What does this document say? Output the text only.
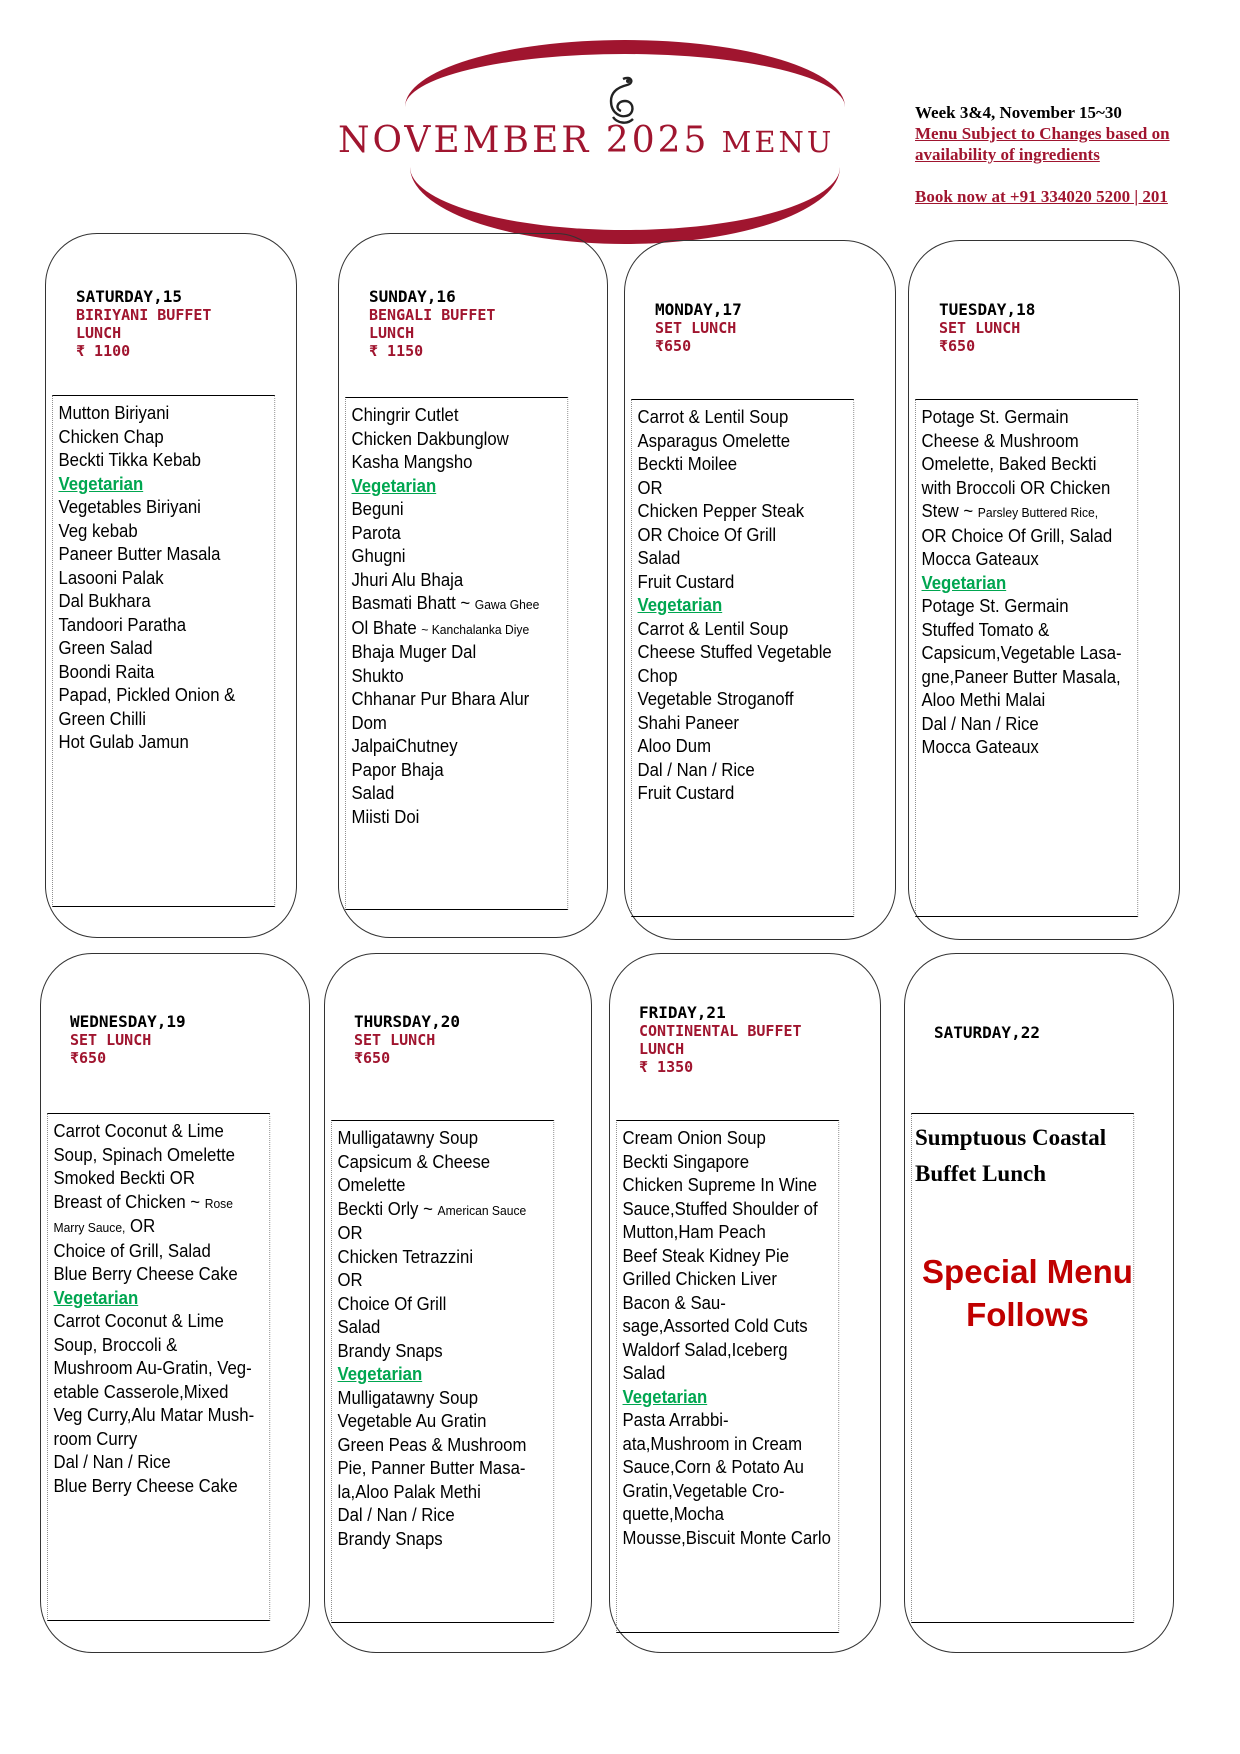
NOVEMBER 2025 MENU
Week 3&4, November 15~30
Menu Subject to Changes based on
availability of ingredients
Book now at +91 334020 5200 | 201
SATURDAY,15
BIRIYANI BUFFET
LUNCH
₹ 1100
Mutton Biriyani
Chicken Chap
Beckti Tikka Kebab
Vegetarian
Vegetables Biriyani
Veg kebab
Paneer Butter Masala
Lasooni Palak
Dal Bukhara
Tandoori Paratha
Green Salad
Boondi Raita
Papad, Pickled Onion &
Green Chilli
Hot Gulab Jamun
SUNDAY,16
BENGALI BUFFET
LUNCH
₹ 1150
Chingrir Cutlet
Chicken Dakbunglow
Kasha Mangsho
Vegetarian
Beguni
Parota
Ghugni
Jhuri Alu Bhaja
Basmati Bhatt ~ Gawa Ghee
Ol Bhate ~ Kanchalanka Diye
Bhaja Muger Dal
Shukto
Chhanar Pur Bhara Alur
Dom
JalpaiChutney
Papor Bhaja
Salad
Miisti Doi
MONDAY,17
SET LUNCH
₹650
Carrot & Lentil Soup
Asparagus Omelette
Beckti Moilee
OR
Chicken Pepper Steak
OR Choice Of Grill
Salad
Fruit Custard
Vegetarian
Carrot & Lentil Soup
Cheese Stuffed Vegetable
Chop
Vegetable Stroganoff
Shahi Paneer
Aloo Dum
Dal / Nan / Rice
Fruit Custard
TUESDAY,18
SET LUNCH
₹650
Potage St. Germain
Cheese & Mushroom
Omelette, Baked Beckti
with Broccoli OR Chicken
Stew ~ Parsley Buttered Rice,
OR Choice Of Grill, Salad
Mocca Gateaux
Vegetarian
Potage St. Germain
Stuffed Tomato &
Capsicum,Vegetable Lasa-
gne,Paneer Butter Masala,
Aloo Methi Malai
Dal / Nan / Rice
Mocca Gateaux
WEDNESDAY,19
SET LUNCH
₹650
Carrot Coconut & Lime
Soup, Spinach Omelette
Smoked Beckti OR
Breast of Chicken ~ Rose
Marry Sauce, OR
Choice of Grill, Salad
Blue Berry Cheese Cake
Vegetarian
Carrot Coconut & Lime
Soup, Broccoli &
Mushroom Au-Gratin, Veg-
etable Casserole,Mixed
Veg Curry,Alu Matar Mush-
room Curry
Dal / Nan / Rice
Blue Berry Cheese Cake
THURSDAY,20
SET LUNCH
₹650
Mulligatawny Soup
Capsicum & Cheese
Omelette
Beckti Orly ~ American Sauce
OR
Chicken Tetrazzini
OR
Choice Of Grill
Salad
Brandy Snaps
Vegetarian
Mulligatawny Soup
Vegetable Au Gratin
Green Peas & Mushroom
Pie, Panner Butter Masa-
la,Aloo Palak Methi
Dal / Nan / Rice
Brandy Snaps
FRIDAY,21
CONTINENTAL BUFFET
LUNCH
₹ 1350
Cream Onion Soup
Beckti Singapore
Chicken Supreme In Wine
Sauce,Stuffed Shoulder of
Mutton,Ham Peach
Beef Steak Kidney Pie
Grilled Chicken Liver
Bacon & Sau-
sage,Assorted Cold Cuts
Waldorf Salad,Iceberg
Salad
Vegetarian
Pasta Arrabbi-
ata,Mushroom in Cream
Sauce,Corn & Potato Au
Gratin,Vegetable Cro-
quette,Mocha
Mousse,Biscuit Monte Carlo
SATURDAY,22
Sumptuous Coastal
Buffet Lunch
Special Menu
Follows
